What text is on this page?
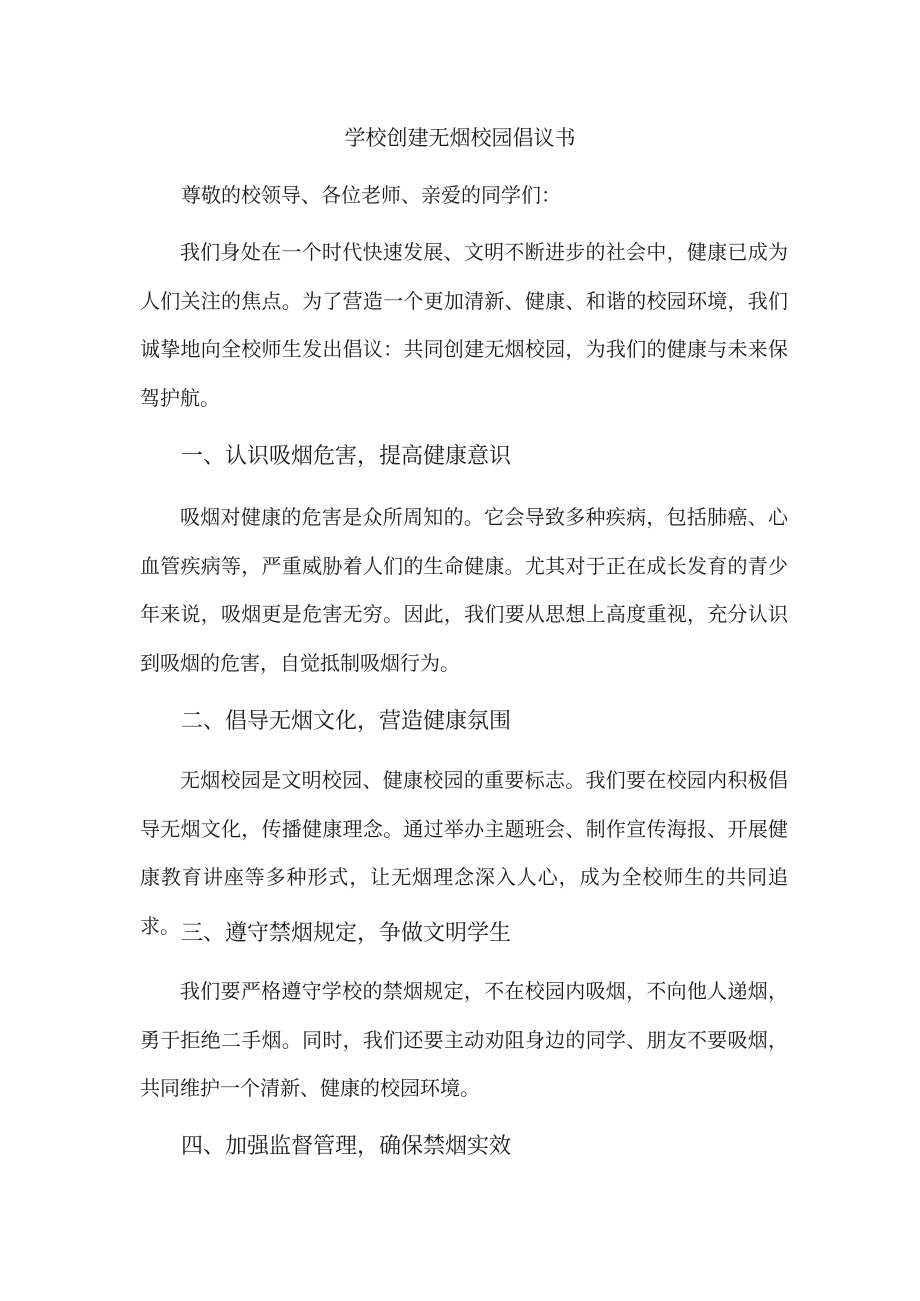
学校创建无烟校园倡议书
尊敬的校领导、各位老师、亲爱的同学们：

我们身处在一个时代快速发展、文明不断进步的社会中，健康已成为人们关注的焦点。为了营造一个更加清新、健康、和谐的校园环境，我们诚挚地向全校师生发出倡议：共同创建无烟校园，为我们的健康与未来保驾护航。

一、认识吸烟危害，提高健康意识

吸烟对健康的危害是众所周知的。它会导致多种疾病，包括肺癌、心血管疾病等，严重威胁着人们的生命健康。尤其对于正在成长发育的青少年来说，吸烟更是危害无穷。因此，我们要从思想上高度重视，充分认识到吸烟的危害，自觉抵制吸烟行为。

二、倡导无烟文化，营造健康氛围

无烟校园是文明校园、健康校园的重要标志。我们要在校园内积极倡导无烟文化，传播健康理念。通过举办主题班会、制作宣传海报、开展健康教育讲座等多种形式，让无烟理念深入人心，成为全校师生的共同追求。 三、遵守禁烟规定，争做文明学生

我们要严格遵守学校的禁烟规定，不在校园内吸烟，不向他人递烟，勇于拒绝二手烟。同时，我们还要主动劝阻身边的同学、朋友不要吸烟，共同维护一个清新、健康的校园环境。

四、加强监督管理，确保禁烟实效
